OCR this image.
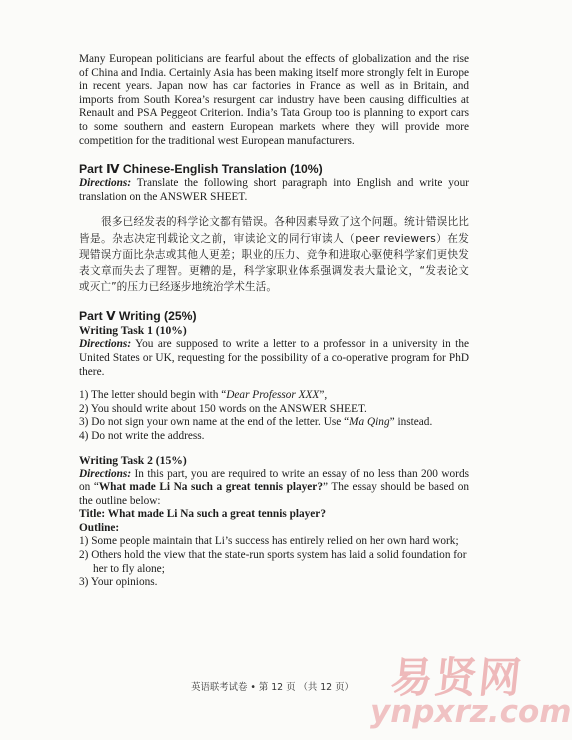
Many European politicians are fearful about the effects of globalization and the rise of China and India. Certainly Asia has been making itself more strongly felt in Europe in recent years. Japan now has car factories in France as well as in Britain, and imports from South Korea’s resurgent car industry have been causing difficulties at Renault and PSA Peggeot Criterion. India’s Tata Group too is planning to export cars to some southern and eastern European markets where they will provide more competition for the traditional west European manufacturers.

Part Ⅳ Chinese-English Translation (10%)

Directions: Translate the following short paragraph into English and write your translation on the ANSWER SHEET.

很多已经发表的科学论文都有错误。各种因素导致了这个问题。统计错误比比皆是。杂志决定刊载论文之前，审读论文的同行审读人（peer reviewers）在发现错误方面比杂志或其他人更差；职业的压力、竞争和进取心驱使科学家们更快发表文章而失去了理智。更糟的是，科学家职业体系强调发表大量论文，“发表论文或灭亡”的压力已经逐步地统治学术生活。

Part Ⅴ Writing (25%)
Writing Task 1 (10%)

Directions: You are supposed to write a letter to a professor in a university in the United States or UK, requesting for the possibility of a co-operative program for PhD there.

1) The letter should begin with “Dear Professor XXX”,
2) You should write about 150 words on the ANSWER SHEET.
3) Do not sign your own name at the end of the letter. Use “Ma Qing” instead.
4) Do not write the address.
Writing Task 2 (15%)

Directions: In this part, you are required to write an essay of no less than 200 words on “What made Li Na such a great tennis player?” The essay should be based on the outline below:

Title: What made Li Na such a great tennis player?

Outline:

1) Some people maintain that Li’s success has entirely relied on her own hard work;
2) Others hold the view that the state-run sports system has laid a solid foundation for her to fly alone;
3) Your opinions.
英语联考试卷 • 第 12 页 （共 12 页） 易贤网
ynpxrz.com
